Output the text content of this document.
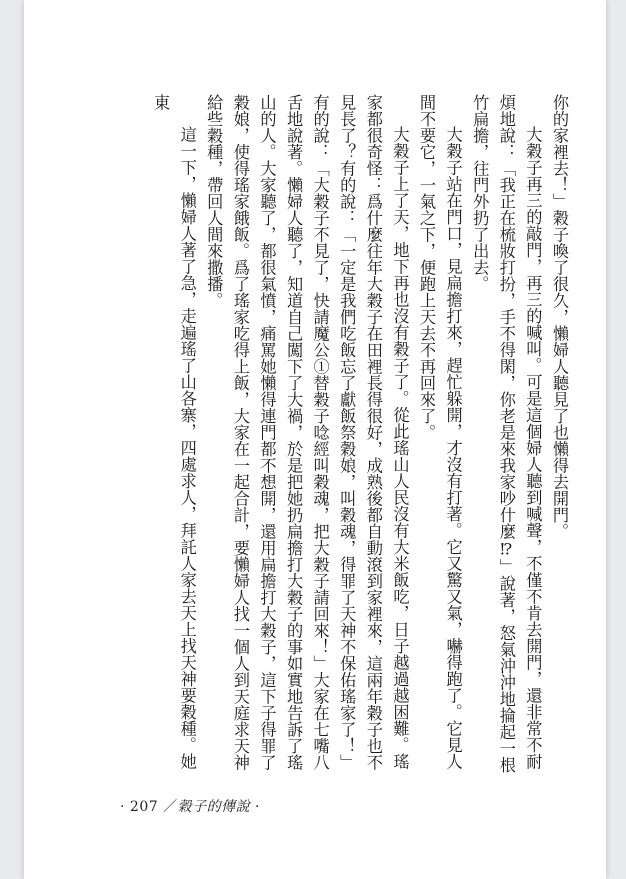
你的家裡去！」穀子喚了很久，懶婦人聽見了也懶得去開門。

大穀子再三的敲門，再三的喊叫。可是這個婦人聽到喊聲，不僅不肯去開門，還非常不耐煩地說：「我正在梳妝打扮，手不得閑，你老是來我家吵什麼⁉」說著，怒氣沖沖地掄起一根竹扁擔，往門外扔了出去。

大穀子站在門口，見扁擔打來，趕忙躲開，才沒有打著。它又驚又氣，嚇得跑了。它見人間不要它，一氣之下，便跑上天去不再回來了。

大穀子上了天，地下再也沒有穀子了。從此瑤山人民沒有大米飯吃，日子越過越困難。瑤家都很奇怪：爲什麼往年大穀子在田裡長得很好，成熟後都自動滾到家裡來，這兩年穀子也不見長了？有的說：「一定是我們吃飯忘了獻飯祭穀娘，叫穀魂，得罪了天神不保佑瑤家了！」有的說：「大穀子不見了，快請魔公①替穀子唸經叫穀魂，把大穀子請回來！」大家在七嘴八舌地說著。懶婦人聽了，知道自己闖下了大禍，於是把她扔扁擔打大穀子的事如實地告訴了瑤山的人。大家聽了，都很氣憤，痛罵她懶得連門都不想開，還用扁擔打大穀子，這下子得罪了穀娘，使得瑤家餓飯。爲了瑤家吃得上飯，大家在一起合計，要懶婦人找一個人到天庭求天神給些穀種，帶回人間來撒播。

這一下，懶婦人著了急，走遍瑤了山各寨，四處求人，拜託人家去天上找天神要穀種。她東

· 207 ／穀子的傳說 ·
